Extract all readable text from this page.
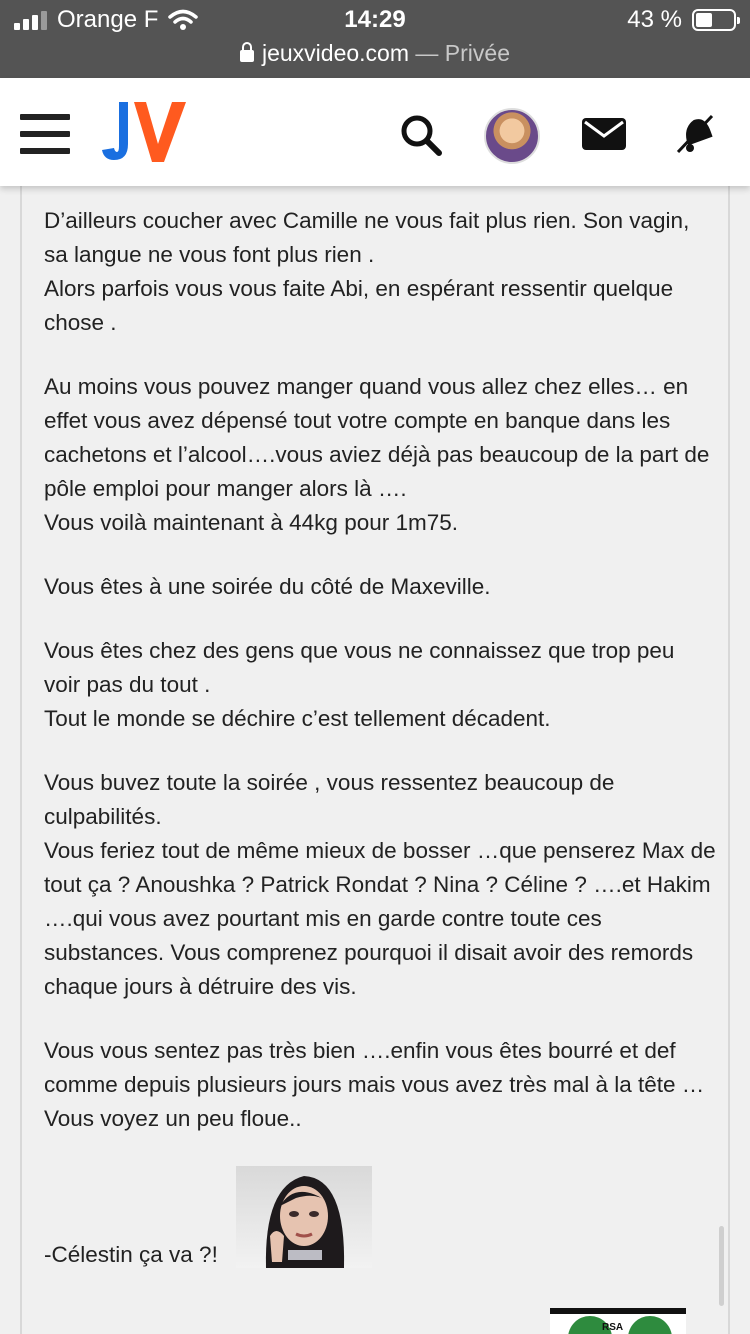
Orange F	14:29	43 %
jeuxvideo.com — Privée

D’ailleurs coucher avec Camille ne vous fait plus rien. Son vagin, sa langue ne vous font plus rien .
Alors parfois vous vous faite Abi, en espérant ressentir quelque chose .

Au moins vous pouvez manger quand vous allez chez elles… en effet vous avez dépensé tout votre compte en banque dans les cachetons et l’alcool….vous aviez déjà pas beaucoup de la part de pôle emploi pour manger alors là ….
Vous voilà maintenant à 44kg pour 1m75.

Vous êtes à une soirée du côté de Maxeville.

Vous êtes chez des gens que vous ne connaissez que trop peu voir pas du tout .
Tout le monde se déchire c’est tellement décadent.

Vous buvez toute la soirée , vous ressentez beaucoup de culpabilités.
Vous feriez tout de même mieux de bosser …que penserez Max de tout ça ? Anoushka ? Patrick Rondat ? Nina ? Céline ? ….et Hakim ….qui vous avez pourtant mis en garde contre toute ces substances. Vous comprenez pourquoi il disait avoir des remords chaque jours à détruire des vis.

Vous vous sentez pas très bien ….enfin vous êtes bourré et def comme depuis plusieurs jours mais vous avez très mal à la tête …Vous voyez un peu floue..

-Célestin ça va ?!
RSA
